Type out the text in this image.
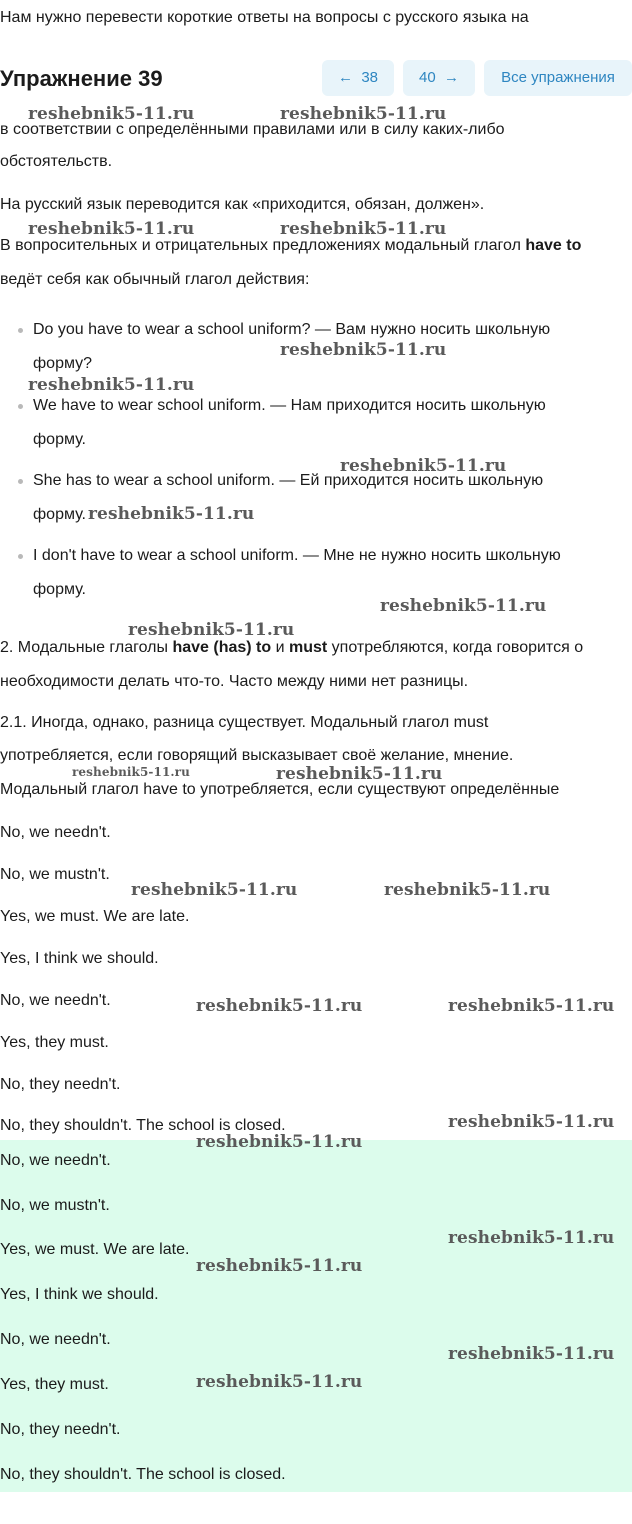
Нам нужно перевести короткие ответы на вопросы с русского языка на
Упражнение 39	← 38	40 →	Все упражнения
в соответствии с определёнными правилами или в силу каких-либо
обстоятельств.
На русский язык переводится как «приходится, обязан, должен».
В вопросительных и отрицательных предложениях модальный глагол have to
ведёт себя как обычный глагол действия:
Do you have to wear a school uniform? — Вам нужно носить школьную
форму?
We have to wear school uniform. — Нам приходится носить школьную
форму.
She has to wear a school uniform. — Ей приходится носить школьную
форму.
I don't have to wear a school uniform. — Мне не нужно носить школьную
форму.
2. Модальные глаголы have (has) to и must употребляются, когда говорится о
необходимости делать что-то. Часто между ними нет разницы.
2.1. Иногда, однако, разница существует. Модальный глагол must
употребляется, если говорящий высказывает своё желание, мнение.
Модальный глагол have to употребляется, если существуют определённые
No, we needn't.
No, we mustn't.
Yes, we must. We are late.
Yes, I think we should.
No, we needn't.
Yes, they must.
No, they needn't.
No, they shouldn't. The school is closed.
No, we needn't.
No, we mustn't.
Yes, we must. We are late.
Yes, I think we should.
No, we needn't.
Yes, they must.
No, they needn't.
No, they shouldn't. The school is closed.
reshebnik5-11.ru	reshebnik5-11.ru
reshebnik5-11.ru	reshebnik5-11.ru
reshebnik5-11.ru
reshebnik5-11.ru
reshebnik5-11.ru
reshebnik5-11.ru
reshebnik5-11.ru
reshebnik5-11.ru
reshebnik5-11.ru	reshebnik5-11.ru
reshebnik5-11.ru	reshebnik5-11.ru
reshebnik5-11.ru	reshebnik5-11.ru
reshebnik5-11.ru
reshebnik5-11.ru
reshebnik5-11.ru
reshebnik5-11.ru
reshebnik5-11.ru
reshebnik5-11.ru
